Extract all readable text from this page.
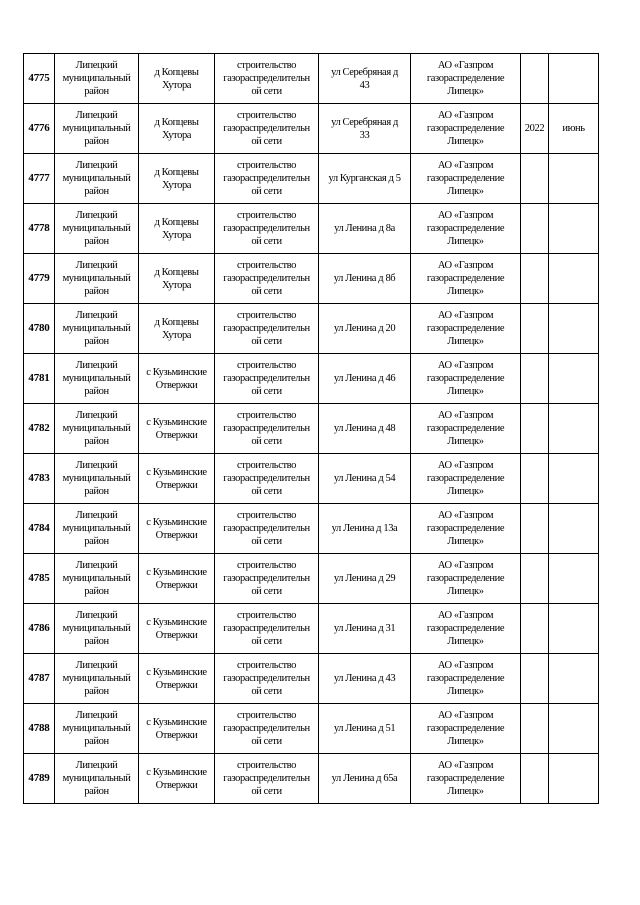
4775	Липецкий
муниципальный
район	д Копцевы
Хутора	строительство
газораспределительн
ой сети	ул Серебряная д
43	АО «Газпром
газораспределение
Липецк»		

4776	Липецкий
муниципальный
район	д Копцевы
Хутора	строительство
газораспределительн
ой сети	ул Серебряная д
33	АО «Газпром
газораспределение
Липецк»	2022	июнь

4777	Липецкий
муниципальный
район	д Копцевы
Хутора	строительство
газораспределительн
ой сети	ул Курганская д 5	АО «Газпром
газораспределение
Липецк»		

4778	Липецкий
муниципальный
район	д Копцевы
Хутора	строительство
газораспределительн
ой сети	ул Ленина д 8а	АО «Газпром
газораспределение
Липецк»		

4779	Липецкий
муниципальный
район	д Копцевы
Хутора	строительство
газораспределительн
ой сети	ул Ленина д 8б	АО «Газпром
газораспределение
Липецк»		

4780	Липецкий
муниципальный
район	д Копцевы
Хутора	строительство
газораспределительн
ой сети	ул Ленина д 20	АО «Газпром
газораспределение
Липецк»		

4781	Липецкий
муниципальный
район	с Кузьминские
Отвержки	строительство
газораспределительн
ой сети	ул Ленина д 46	АО «Газпром
газораспределение
Липецк»		

4782	Липецкий
муниципальный
район	с Кузьминские
Отвержки	строительство
газораспределительн
ой сети	ул Ленина д 48	АО «Газпром
газораспределение
Липецк»		

4783	Липецкий
муниципальный
район	с Кузьминские
Отвержки	строительство
газораспределительн
ой сети	ул Ленина д 54	АО «Газпром
газораспределение
Липецк»		

4784	Липецкий
муниципальный
район	с Кузьминские
Отвержки	строительство
газораспределительн
ой сети	ул Ленина д 13а	АО «Газпром
газораспределение
Липецк»		

4785	Липецкий
муниципальный
район	с Кузьминские
Отвержки	строительство
газораспределительн
ой сети	ул Ленина д 29	АО «Газпром
газораспределение
Липецк»		

4786	Липецкий
муниципальный
район	с Кузьминские
Отвержки	строительство
газораспределительн
ой сети	ул Ленина д 31	АО «Газпром
газораспределение
Липецк»		

4787	Липецкий
муниципальный
район	с Кузьминские
Отвержки	строительство
газораспределительн
ой сети	ул Ленина д 43	АО «Газпром
газораспределение
Липецк»		

4788	Липецкий
муниципальный
район	с Кузьминские
Отвержки	строительство
газораспределительн
ой сети	ул Ленина д 51	АО «Газпром
газораспределение
Липецк»		

4789	Липецкий
муниципальный
район	с Кузьминские
Отвержки	строительство
газораспределительн
ой сети	ул Ленина д 65а	АО «Газпром
газораспределение
Липецк»		
